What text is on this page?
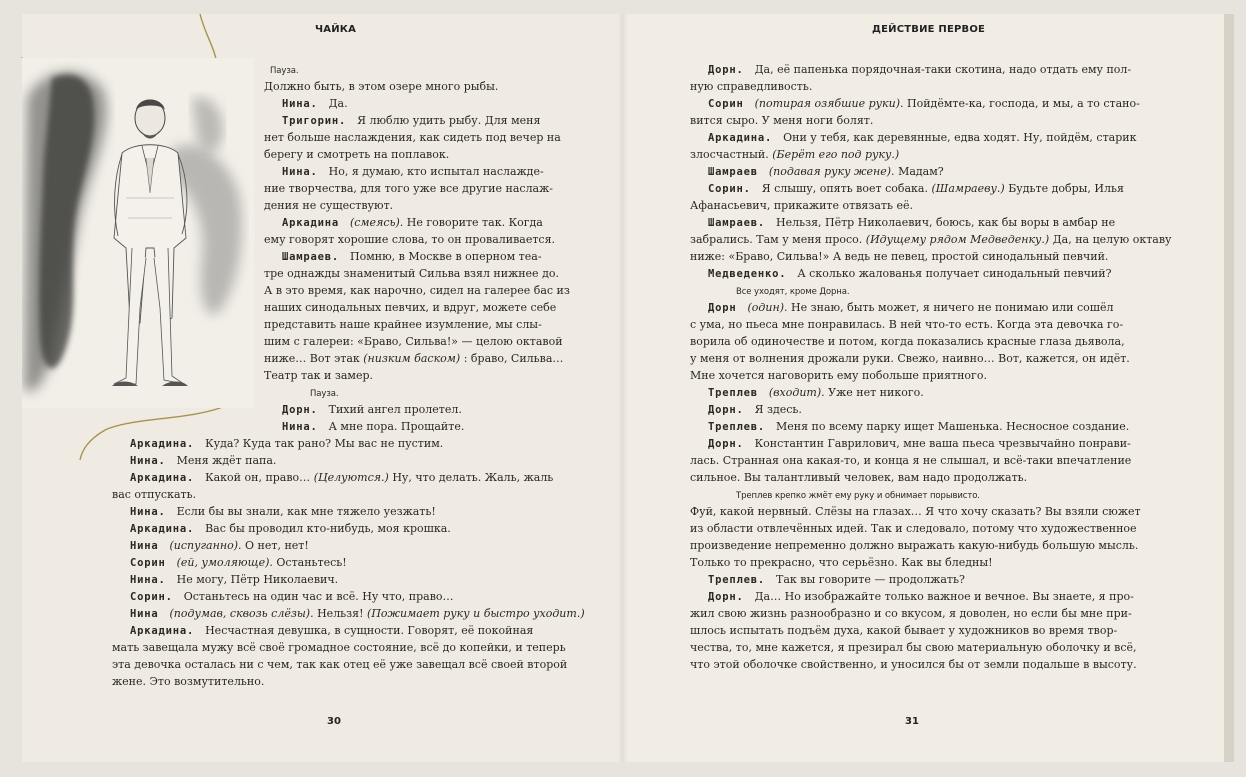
ЧАЙКА	ДЕЙСТВИЕ ПЕРВОЕ
30	31
Пауза.
Должно быть, в этом озере много рыбы.
Нина.  Да.
Тригорин.  Я люблю удить рыбу. Для меня
нет больше наслаждения, как сидеть под вечер на
берегу и смотреть на поплавок.
Нина.  Но, я думаю, кто испытал наслажде-
ние творчества, для того уже все другие наслаж-
дения не существуют.
Аркадина  (смеясь). Не говорите так. Когда
ему говорят хорошие слова, то он проваливается.
Шамраев.  Помню, в Москве в оперном теа-
тре однажды знаменитый Сильва взял нижнее до.
А в это время, как нарочно, сидел на галерее бас из
наших синодальных певчих, и вдруг, можете себе
представить наше крайнее изумление, мы слы-
шим с галереи: «Браво, Сильва!» — целою октавой
ниже… Вот этак (низким баском) : браво, Сильва…
Театр так и замер.
Пауза.
Дорн.  Тихий ангел пролетел.
Нина.  А мне пора. Прощайте.
Аркадина.  Куда? Куда так рано? Мы вас не пустим.
Нина.  Меня ждёт папа.
Аркадина.  Какой он, право… (Целуются.) Ну, что делать. Жаль, жаль
вас отпускать.
Нина.  Если бы вы знали, как мне тяжело уезжать!
Аркадина.  Вас бы проводил кто-нибудь, моя крошка.
Нина  (испуганно). О нет, нет!
Сорин  (ей, умоляюще). Останьтесь!
Нина.  Не могу, Пётр Николаевич.
Сорин.  Останьтесь на один час и всё. Ну что, право…
Нина  (подумав, сквозь слёзы). Нельзя! (Пожимает руку и быстро уходит.)
Аркадина.  Несчастная девушка, в сущности. Говорят, её покойная
мать завещала мужу всё своё громадное состояние, всё до копейки, и теперь
эта девочка осталась ни с чем, так как отец её уже завещал всё своей второй
жене. Это возмутительно.
Дорн.  Да, её папенька порядочная-таки скотина, надо отдать ему пол-
ную справедливость.
Сорин  (потирая озябшие руки). Пойдёмте-ка, господа, и мы, а то стано-
вится сыро. У меня ноги болят.
Аркадина.  Они у тебя, как деревянные, едва ходят. Ну, пойдём, старик
злосчастный. (Берёт его под руку.)
Шамраев  (подавая руку жене). Мадам?
Сорин.  Я слышу, опять воет собака. (Шамраеву.) Будьте добры, Илья
Афанасьевич, прикажите отвязать её.
Шамраев.  Нельзя, Пётр Николаевич, боюсь, как бы воры в амбар не
забрались. Там у меня просо. (Идущему рядом Медведенку.) Да, на целую октаву
ниже: «Браво, Сильва!» А ведь не певец, простой синодальный певчий.
Медведенко.  А сколько жалованья получает синодальный певчий?
Все уходят, кроме Дорна.
Дорн  (один). Не знаю, быть может, я ничего не понимаю или сошёл
с ума, но пьеса мне понравилась. В ней что-то есть. Когда эта девочка го-
ворила об одиночестве и потом, когда показались красные глаза дьявола,
у меня от волнения дрожали руки. Свежо, наивно… Вот, кажется, он идёт.
Мне хочется наговорить ему побольше приятного.
Треплев  (входит). Уже нет никого.
Дорн.  Я здесь.
Треплев.  Меня по всему парку ищет Машенька. Несносное создание.
Дорн.  Константин Гаврилович, мне ваша пьеса чрезвычайно понрави-
лась. Странная она какая-то, и конца я не слышал, и всё-таки впечатление
сильное. Вы талантливый человек, вам надо продолжать.
Треплев крепко жмёт ему руку и обнимает порывисто.
Фуй, какой нервный. Слёзы на глазах… Я что хочу сказать? Вы взяли сюжет
из области отвлечённых идей. Так и следовало, потому что художественное
произведение непременно должно выражать какую-нибудь большую мысль.
Только то прекрасно, что серьёзно. Как вы бледны!
Треплев.  Так вы говорите — продолжать?
Дорн.  Да… Но изображайте только важное и вечное. Вы знаете, я про-
жил свою жизнь разнообразно и со вкусом, я доволен, но если бы мне при-
шлось испытать подъём духа, какой бывает у художников во время твор-
чества, то, мне кажется, я презирал бы свою материальную оболочку и всё,
что этой оболочке свойственно, и уносился бы от земли подальше в высоту.
